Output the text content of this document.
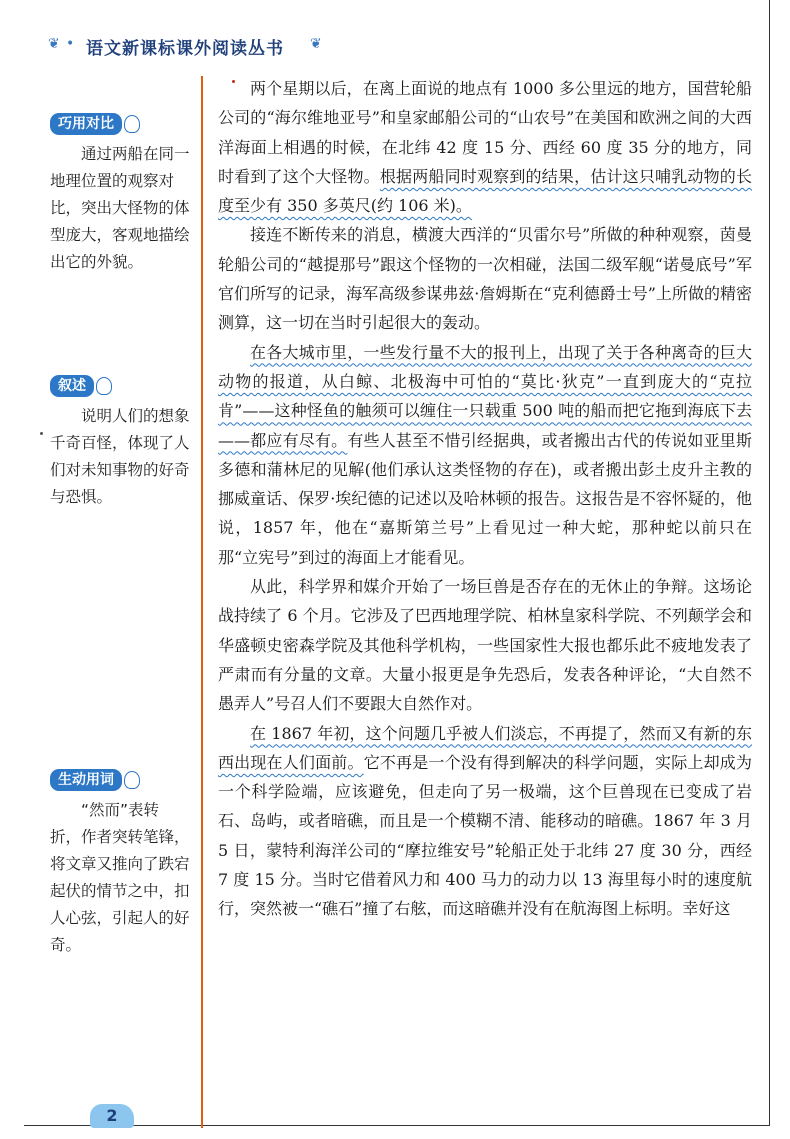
❦ • 语文新课标课外阅读丛书 ❦
巧用对比

通过两船在同一地理位置的观察对比，突出大怪物的体型庞大，客观地描绘出它的外貌。

叙述

说明人们的想象千奇百怪，体现了人们对未知事物的好奇与恐惧。

生动用词

“然而”表转折，作者突转笔锋，将文章又推向了跌宕起伏的情节之中，扣人心弦，引起人的好奇。

两个星期以后，在离上面说的地点有 1000 多公里远的地方，国营轮船公司的“海尔维地亚号”和皇家邮船公司的“山农号”在美国和欧洲之间的大西洋海面上相遇的时候，在北纬 42 度 15 分、西经 60 度 35 分的地方，同时看到了这个大怪物。根据两船同时观察到的结果，估计这只哺乳动物的长度至少有 350 多英尺(约 106 米)。

接连不断传来的消息，横渡大西洋的“贝雷尔号”所做的种种观察，茵曼轮船公司的“越提那号”跟这个怪物的一次相碰，法国二级军舰“诺曼底号”军官们所写的记录，海军高级参谋弗兹·詹姆斯在“克利德爵士号”上所做的精密测算，这一切在当时引起很大的轰动。

在各大城市里，一些发行量不大的报刊上，出现了关于各种离奇的巨大动物的报道，从白鲸、北极海中可怕的“莫比·狄克”一直到庞大的“克拉肯”——这种怪鱼的触须可以缠住一只载重 500 吨的船而把它拖到海底下去——都应有尽有。有些人甚至不惜引经据典，或者搬出古代的传说如亚里斯多德和蒲林尼的见解(他们承认这类怪物的存在)，或者搬出彭土皮升主教的挪威童话、保罗·埃纪德的记述以及哈林顿的报告。这报告是不容怀疑的，他说，1857 年，他在“嘉斯第兰号”上看见过一种大蛇，那种蛇以前只在那“立宪号”到过的海面上才能看见。

从此，科学界和媒介开始了一场巨兽是否存在的无休止的争辩。这场论战持续了 6 个月。它涉及了巴西地理学院、柏林皇家科学院、不列颠学会和华盛顿史密森学院及其他科学机构，一些国家性大报也都乐此不疲地发表了严肃而有分量的文章。大量小报更是争先恐后，发表各种评论，“大自然不愚弄人”号召人们不要跟大自然作对。

在 1867 年初，这个问题几乎被人们淡忘，不再提了，然而又有新的东西出现在人们面前。它不再是一个没有得到解决的科学问题，实际上却成为一个科学险端，应该避免，但走向了另一极端，这个巨兽现在已变成了岩石、岛屿，或者暗礁，而且是一个模糊不清、能移动的暗礁。1867 年 3 月 5 日，蒙特利海洋公司的“摩拉维安号”轮船正处于北纬 27 度 30 分，西经 7 度 15 分。当时它借着风力和 400 马力的动力以 13 海里每小时的速度航行，突然被一“礁石”撞了右舷，而这暗礁并没有在航海图上标明。幸好这

2
